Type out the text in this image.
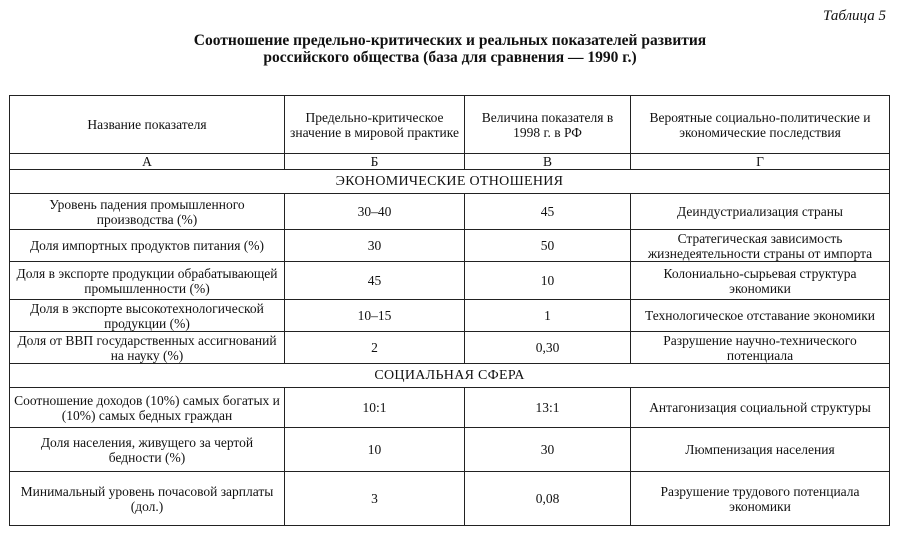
Таблица 5
Соотношение предельно-критических и реальных показателей развития
российского общества (база для сравнения — 1990 г.)
Название показателя	Предельно-критическое значение в мировой практике	Величина показателя в 1998 г. в РФ	Вероятные социально-политические и экономические последствия
А	Б	В	Г
ЭКОНОМИЧЕСКИЕ ОТНОШЕНИЯ			
Уровень падения промышленного производства (%)	30–40	45	Деиндустриализация страны
Доля импортных продуктов питания (%)	30	50	Стратегическая зависимость жизнедеятельности страны от импорта
Доля в экспорте продукции обрабатывающей промышленности (%)	45	10	Колониально-сырьевая структура экономики
Доля в экспорте высокотехнологической продукции (%)	10–15	1	Технологическое отставание экономики
Доля от ВВП государственных ассигнований на науку (%)	2	0,30	Разрушение научно-технического потенциала
СОЦИАЛЬНАЯ СФЕРА			
Соотношение доходов (10%) самых богатых и (10%) самых бедных граждан	10:1	13:1	Антагонизация социальной структуры
Доля населения, живущего за чертой бедности (%)	10	30	Люмпенизация населения
Минимальный уровень почасовой зарплаты (дол.)	3	0,08	Разрушение трудового потенциала экономики
